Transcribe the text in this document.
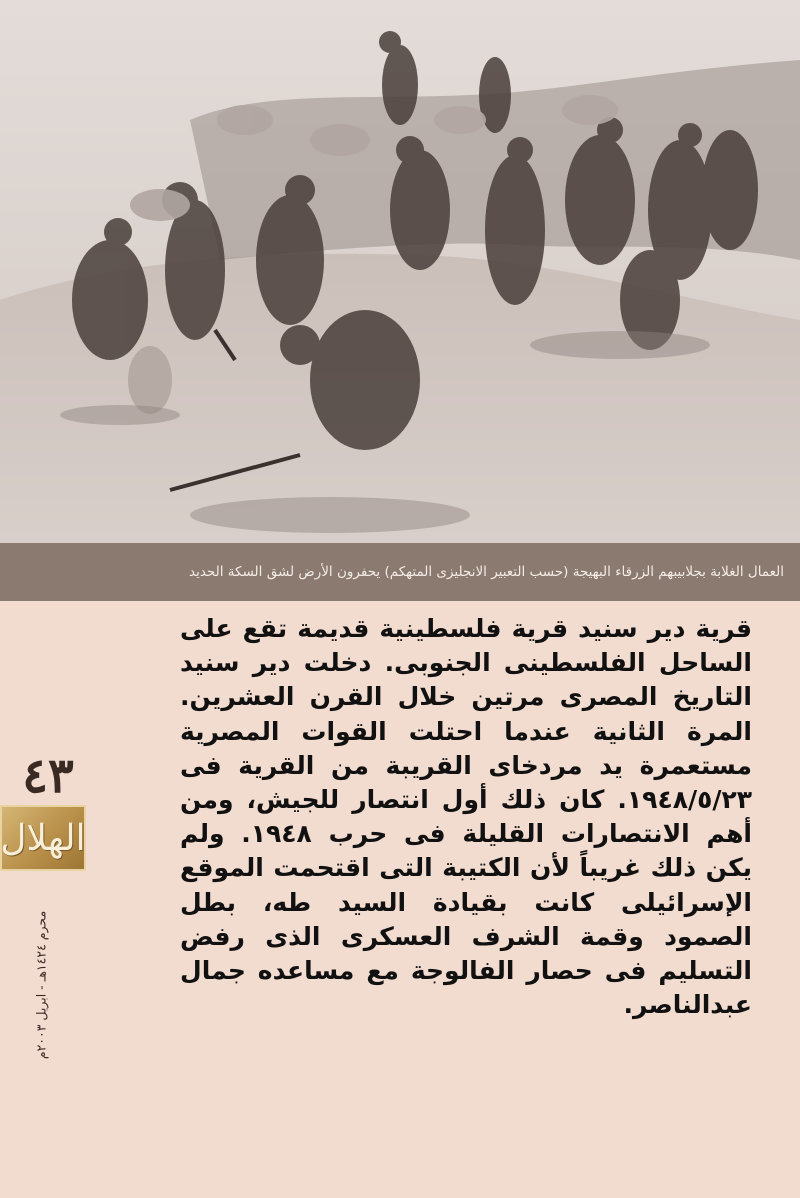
العمال الغلابة بجلابيبهم الزرقاء البهيجة (حسب التعبير الانجليزى المتهكم) يحفرون الأرض لشق السكة الحديد
٤٣
الهلال
محرم ١٤٢٤هـ - ابريل ٢٠٠٣م

قرية دير سنيد قرية فلسطينية قديمة تقع على الساحل الفلسطينى الجنوبى. دخلت دير سنيد التاريخ المصرى مرتين خلال القرن العشرين. المرة الثانية عندما احتلت القوات المصرية مستعمرة يد مردخاى القريبة من القرية فى ١٩٤٨/٥/٢٣. كان ذلك أول انتصار للجيش، ومن أهم الانتصارات القليلة فى حرب ١٩٤٨. ولم يكن ذلك غريباً لأن الكتيبة التى اقتحمت الموقع الإسرائيلى كانت بقيادة السيد طه، بطل الصمود وقمة الشرف العسكرى الذى رفض التسليم فى حصار الفالوجة مع مساعده جمال عبدالناصر.
